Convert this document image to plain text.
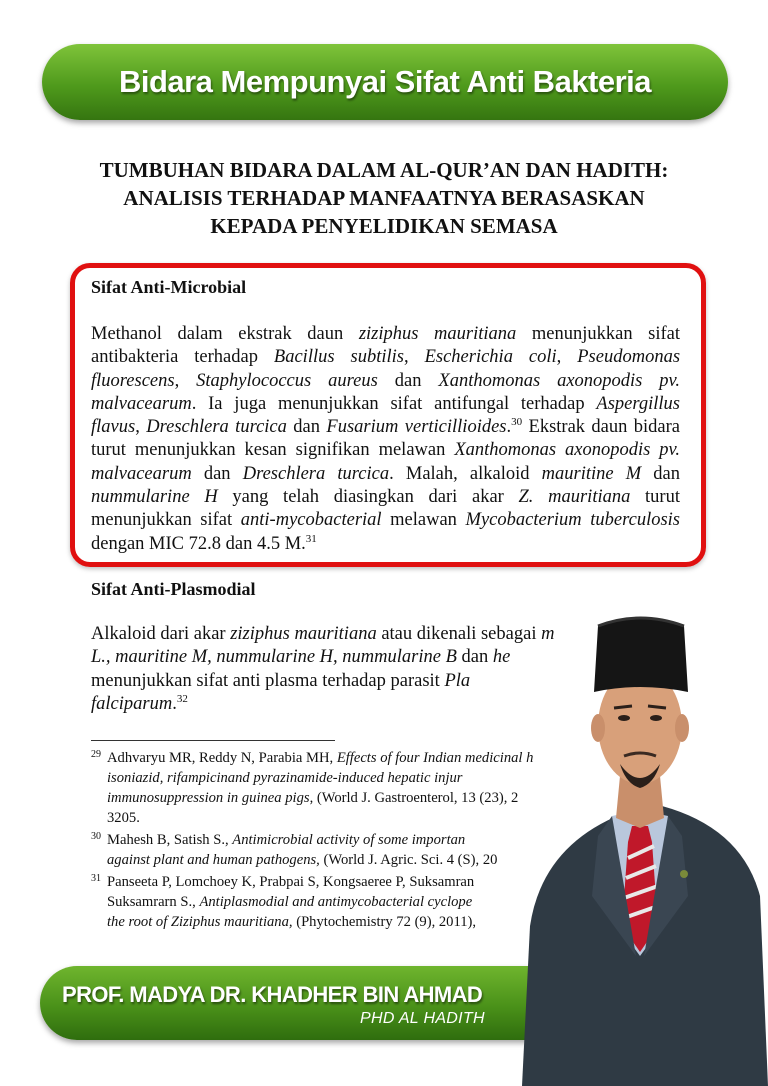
Bidara Mempunyai Sifat Anti Bakteria
TUMBUHAN BIDARA DALAM AL-QUR’AN DAN HADITH:
ANALISIS TERHADAP MANFAATNYA BERASASKAN
KEPADA PENYELIDIKAN SEMASA
Sifat Anti-Microbial

Methanol dalam ekstrak daun ziziphus mauritiana menunjukkan sifat antibakteria terhadap Bacillus subtilis, Escherichia coli, Pseudomonas fluorescens, Staphylococcus aureus dan Xanthomonas axonopodis pv. malvacearum. Ia juga menunjukkan sifat antifungal terhadap Aspergillus flavus, Dreschlera turcica dan Fusarium verticillioides.$^{30}$ Ekstrak daun bidara turut menunjukkan kesan signifikan melawan Xanthomonas axonopodis pv. malvacearum dan Dreschlera turcica. Malah, alkaloid mauritine M dan nummularine H yang telah diasingkan dari akar Z. mauritiana turut menunjukkan sifat anti-mycobacterial melawan Mycobacterium tuberculosis dengan MIC 72.8 dan 4.5 M.$^{31}$

Sifat Anti-Plasmodial

Alkaloid dari akar ziziphus mauritiana atau dikenali sebagai m
L., mauritine M, nummularine H, nummularine B dan he
menunjukkan sifat anti plasma terhadap parasit Pla
falciparum.$^{32}$

29 Adhvaryu MR, Reddy N, Parabia MH, Effects of four Indian medicinal h
isoniazid, rifampicinand pyrazinamide-induced hepatic injur
immunosuppression in guinea pigs, (World J. Gastroenterol, 13 (23), 2
3205.
30 Mahesh B, Satish S., Antimicrobial activity of some importan
against plant and human pathogens, (World J. Agric. Sci. 4 (S), 20
31 Panseeta P, Lomchoey K, Prabpai S, Kongsaeree P, Suksamran
Suksamrarn S., Antiplasmodial and antimycobacterial cyclope
the root of Ziziphus mauritiana, (Phytochemistry 72 (9), 2011),
PROF. MADYA DR. KHADHER BIN AHMAD
PHD AL HADITH
